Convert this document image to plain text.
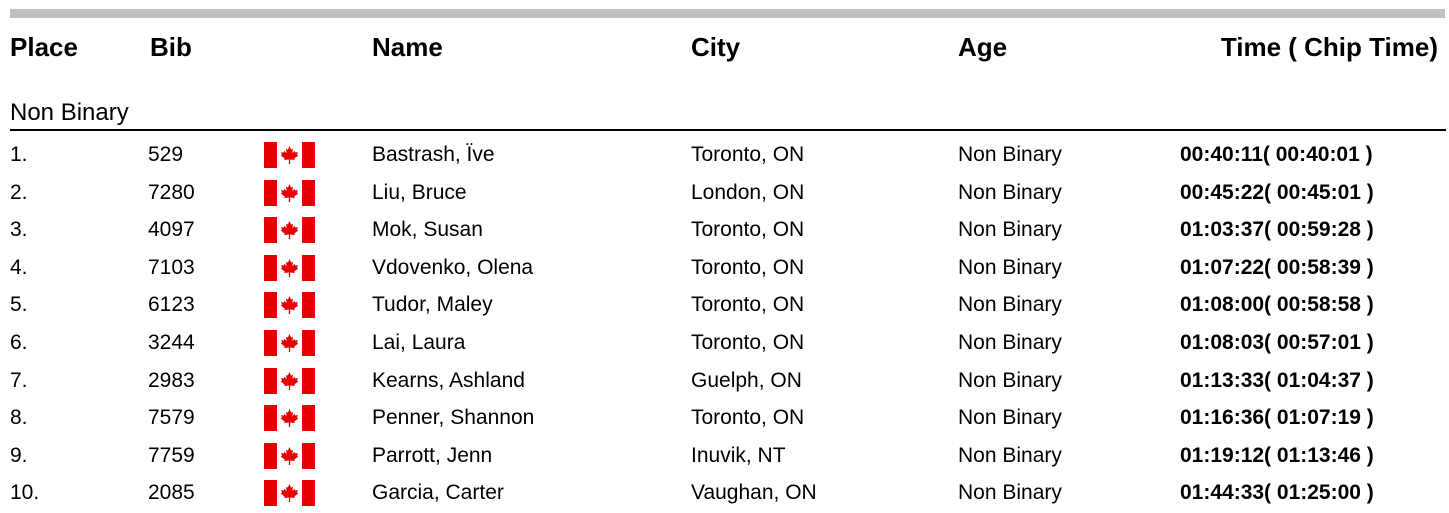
Place	Bib	Name	City	Age	Time ( Chip Time)
Non Binary
1.	529	Bastrash, Ïve	Toronto, ON	Non Binary	00:40:11( 00:40:01 )
2.	7280	Liu, Bruce	London, ON	Non Binary	00:45:22( 00:45:01 )
3.	4097	Mok, Susan	Toronto, ON	Non Binary	01:03:37( 00:59:28 )
4.	7103	Vdovenko, Olena	Toronto, ON	Non Binary	01:07:22( 00:58:39 )
5.	6123	Tudor, Maley	Toronto, ON	Non Binary	01:08:00( 00:58:58 )
6.	3244	Lai, Laura	Toronto, ON	Non Binary	01:08:03( 00:57:01 )
7.	2983	Kearns, Ashland	Guelph, ON	Non Binary	01:13:33( 01:04:37 )
8.	7579	Penner, Shannon	Toronto, ON	Non Binary	01:16:36( 01:07:19 )
9.	7759	Parrott, Jenn	Inuvik, NT	Non Binary	01:19:12( 01:13:46 )
10.	2085	Garcia, Carter	Vaughan, ON	Non Binary	01:44:33( 01:25:00 )
